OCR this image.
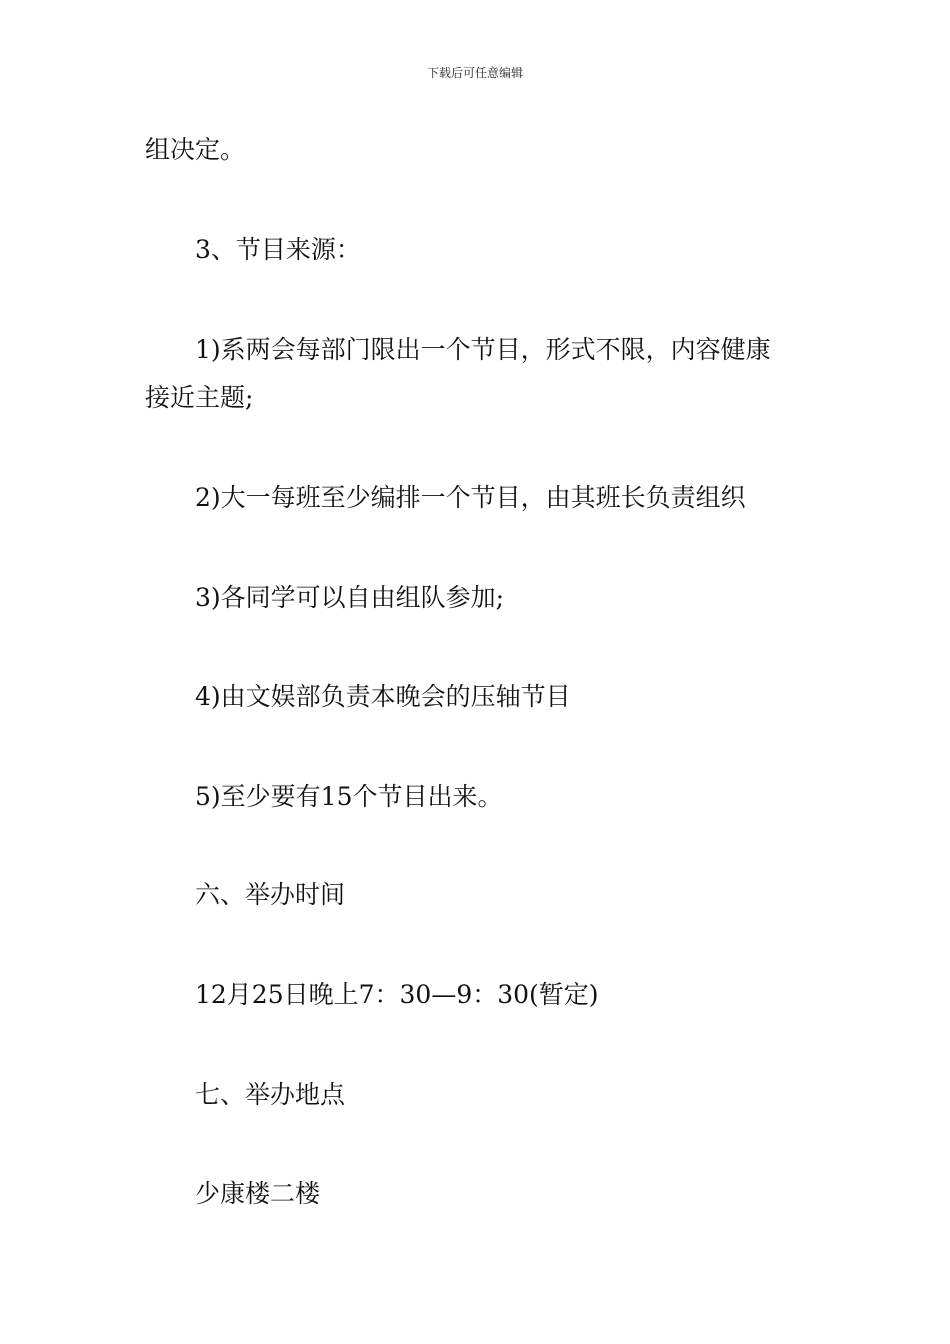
下载后可任意编辑
组决定。
3、节目来源：
1)系两会每部门限出一个节目，形式不限，内容健康
接近主题;
2)大一每班至少编排一个节目，由其班长负责组织
3)各同学可以自由组队参加;
4)由文娱部负责本晚会的压轴节目
5)至少要有15个节目出来。
六、举办时间
12月25日晚上7：30—9：30(暂定)
七、举办地点
少康楼二楼
